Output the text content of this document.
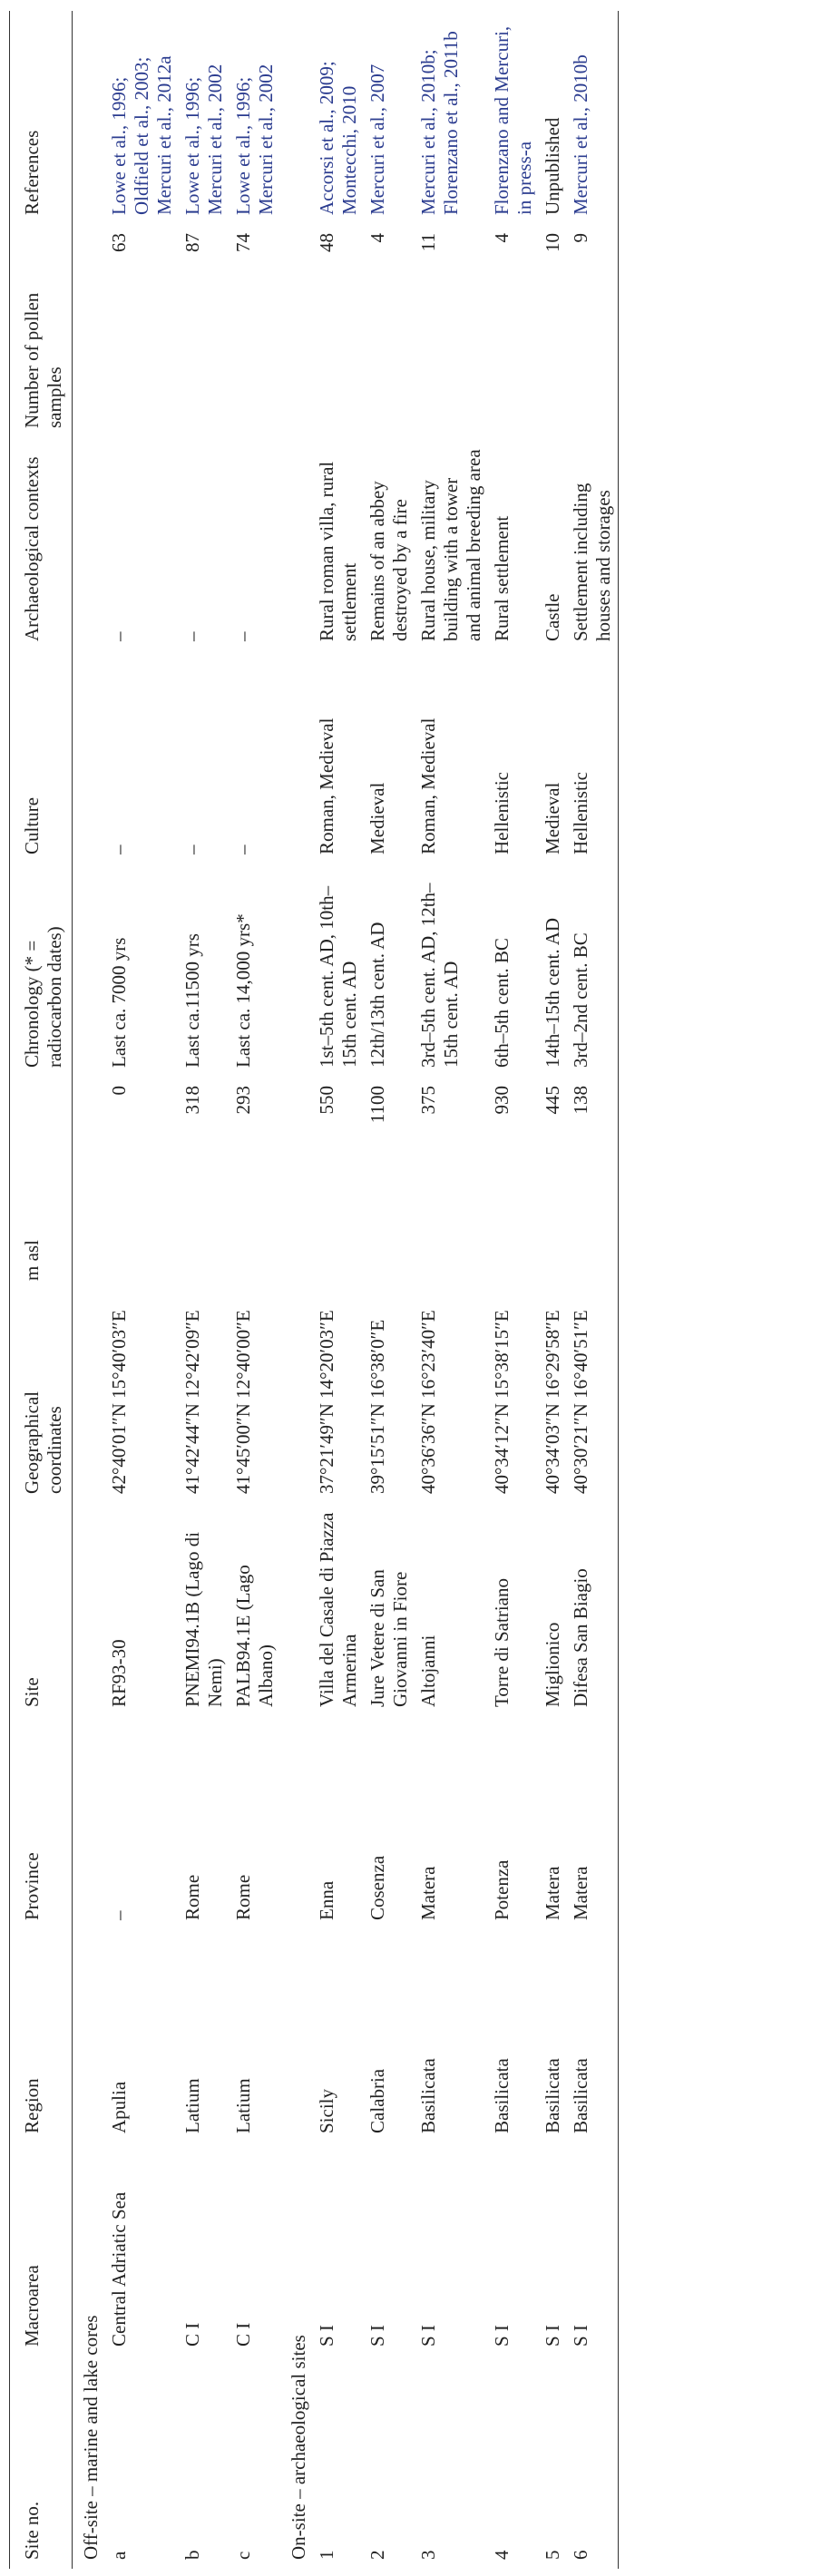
Site no.	Macroarea	Region	Province	Site	Geographical coordinates	m asl	Chronology (* = radiocarbon dates)	Culture	Archaeological contexts	Number of pollen samples	References
Off-site – marine and lake cores											
a	Central Adriatic Sea	Apulia	–	RF93-30	42°40′01″N 15°40′03″E	0	Last ca. 7000 yrs	–	–	63	Lowe et al., 1996; Oldfield et al., 2003; Mercuri et al., 2012a
b	C I	Latium	Rome	PNEMI94.1B (Lago di Nemi)	41°42′44″N 12°42′09″E	318	Last ca.11500 yrs	–	–	87	Lowe et al., 1996; Mercuri et al., 2002
c	C I	Latium	Rome	PALB94.1E (Lago Albano)	41°45′00″N 12°40′00″E	293	Last ca. 14,000 yrs*	–	–	74	Lowe et al., 1996; Mercuri et al., 2002
On-site – archaeological sites											
1	S I	Sicily	Enna	Villa del Casale di Piazza Armerina	37°21′49″N 14°20′03″E	550	1st–5th cent. AD, 10th–15th cent. AD	Roman, Medieval	Rural roman villa, rural settlement	48	Accorsi et al., 2009; Montecchi, 2010
2	S I	Calabria	Cosenza	Jure Vetere di San Giovanni in Fiore	39°15′51″N 16°38′0″E	1100	12th/13th cent. AD	Medieval	Remains of an abbey destroyed by a fire	4	Mercuri et al., 2007
3	S I	Basilicata	Matera	Altojanni	40°36′36″N 16°23′40″E	375	3rd–5th cent. AD, 12th–15th cent. AD	Roman, Medieval	Rural house, military building with a tower and animal breeding area	11	Mercuri et al., 2010b; Florenzano et al., 2011b
4	S I	Basilicata	Potenza	Torre di Satriano	40°34′12″N 15°38′15″E	930	6th–5th cent. BC	Hellenistic	Rural settlement	4	Florenzano and Mercuri, in press-a
5	S I	Basilicata	Matera	Miglionico	40°34′03″N 16°29′58″E	445	14th–15th cent. AD	Medieval	Castle	10	Unpublished
6	S I	Basilicata	Matera	Difesa San Biagio	40°30′21″N 16°40′51″E	138	3rd–2nd cent. BC	Hellenistic	Settlement including houses and storages	9	Mercuri et al., 2010b
